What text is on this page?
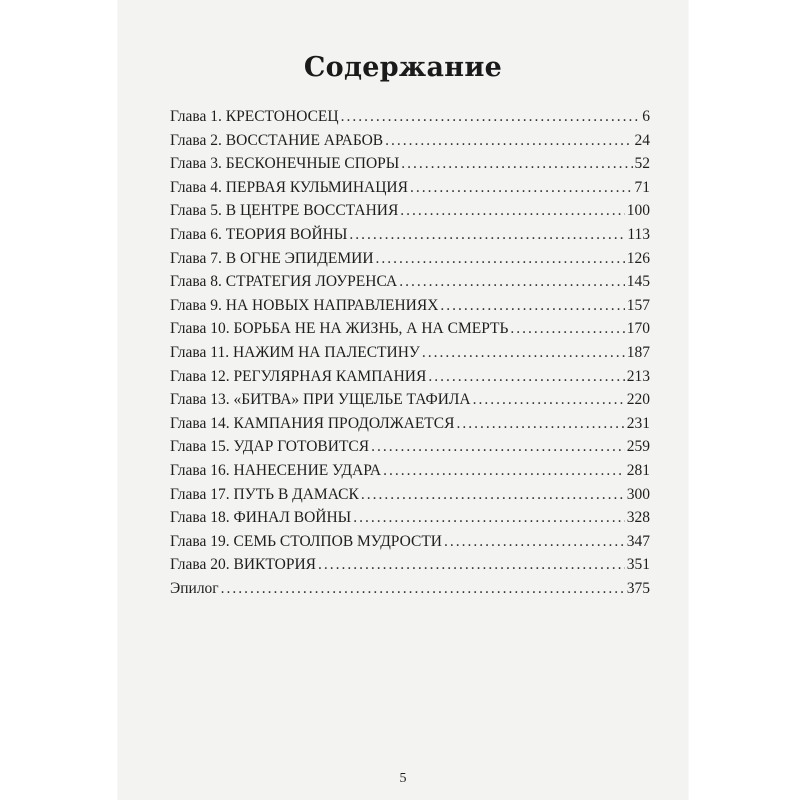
Содержание
Глава 1. КРЕСТОНОСЕЦ .....	6
Глава 2. ВОССТАНИЕ АРАБОВ .....	24
Глава 3. БЕСКОНЕЧНЫЕ СПОРЫ .....	52
Глава 4. ПЕРВАЯ КУЛЬМИНАЦИЯ .....	71
Глава 5. В ЦЕНТРЕ ВОССТАНИЯ .....	100
Глава 6. ТЕОРИЯ ВОЙНЫ .....	113
Глава 7. В ОГНЕ ЭПИДЕМИИ .....	126
Глава 8. СТРАТЕГИЯ ЛОУРЕНСА .....	145
Глава 9. НА НОВЫХ НАПРАВЛЕНИЯХ .....	157
Глава 10. БОРЬБА НЕ НА ЖИЗНЬ, А НА СМЕРТЬ .....	170
Глава 11. НАЖИМ НА ПАЛЕСТИНУ .....	187
Глава 12. РЕГУЛЯРНАЯ КАМПАНИЯ .....	213
Глава 13. «БИТВА» ПРИ УЩЕЛЬЕ ТАФИЛА .....	220
Глава 14. КАМПАНИЯ ПРОДОЛЖАЕТСЯ .....	231
Глава 15. УДАР ГОТОВИТСЯ .....	259
Глава 16. НАНЕСЕНИЕ УДАРА .....	281
Глава 17. ПУТЬ В ДАМАСК .....	300
Глава 18. ФИНАЛ ВОЙНЫ .....	328
Глава 19. СЕМЬ СТОЛПОВ МУДРОСТИ .....	347
Глава 20. ВИКТОРИЯ .....	351
Эпилог .....	375
5
